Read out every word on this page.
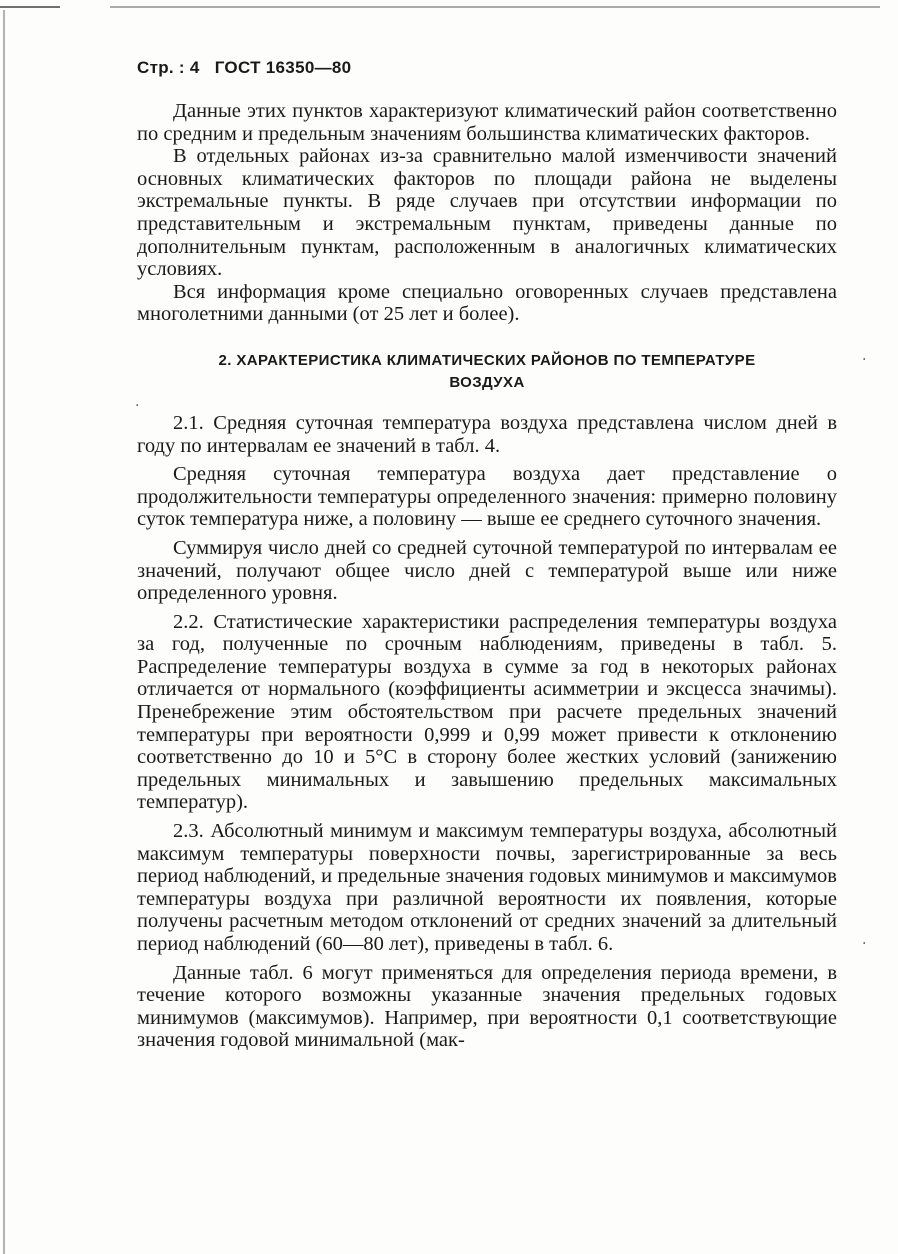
Стр. : 4 ГОСТ 16350—80

Данные этих пунктов характеризуют климатический район соответственно по средним и предельным значениям большинства климатических факторов.

В отдельных районах из-за сравнительно малой изменчивости значений основных климатических факторов по площади района не выделены экстремальные пункты. В ряде случаев при отсутствии информации по представительным и экстремальным пунктам, приведены данные по дополнительным пунктам, расположенным в аналогичных климатических условиях.

Вся информация кроме специально оговоренных случаев представлена многолетними данными (от 25 лет и более).

2. ХАРАКТЕРИСТИКА КЛИМАТИЧЕСКИХ РАЙОНОВ ПО ТЕМПЕРАТУРЕ
ВОЗДУХА

2.1. Средняя суточная температура воздуха представлена числом дней в году по интервалам ее значений в табл. 4.

Средняя суточная температура воздуха дает представление о продолжительности температуры определенного значения: примерно половину суток температура ниже, а половину — выше ее среднего суточного значения.

Суммируя число дней со средней суточной температурой по интервалам ее значений, получают общее число дней с температурой выше или ниже определенного уровня.

2.2. Статистические характеристики распределения температуры воздуха за год, полученные по срочным наблюдениям, приведены в табл. 5. Распределение температуры воздуха в сумме за год в некоторых районах отличается от нормального (коэффициенты асимметрии и эксцесса значимы). Пренебрежение этим обстоятельством при расчете предельных значений температуры при вероятности 0,999 и 0,99 может привести к отклонению соответственно до 10 и 5°С в сторону более жестких условий (занижению предельных минимальных и завышению предельных максимальных температур).

2.3. Абсолютный минимум и максимум температуры воздуха, абсолютный максимум температуры поверхности почвы, зарегистрированные за весь период наблюдений, и предельные значения годовых минимумов и максимумов температуры воздуха при различной вероятности их появления, которые получены расчетным методом отклонений от средних значений за длительный период наблюдений (60—80 лет), приведены в табл. 6.

Данные табл. 6 могут применяться для определения периода времени, в течение которого возможны указанные значения предельных годовых минимумов (максимумов). Например, при вероятности 0,1 соответствующие значения годовой минимальной (мак-

·
·
·
